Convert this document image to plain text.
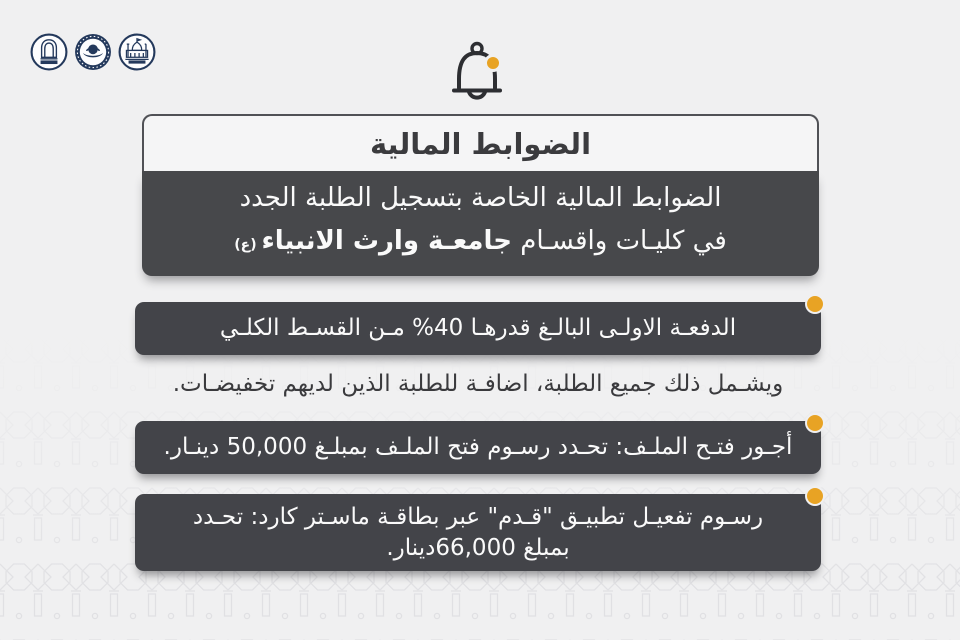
الضوابط المالية
الضوابط المالية الخاصة بتسجيل الطلبة الجدد
في كليـات واقسـام جامعـة وارث الانبياء (ع)
الدفعـة الاولـى البالـغ قدرهـا 40% مـن القسـط الكلـي
ويشـمل ذلك جميع الطلبة، اضافـة للطلبة الذين لديهم تخفيضـات.
أجـور فتـح الملـف: تحـدد رسـوم فتح الملـف بمبلـغ 50,000 دينـار.
رسـوم تفعيـل تطبيـق "قـدم" عبر بطاقـة ماسـتر كارد: تحـدد
بمبلغ 66,000دينار.
